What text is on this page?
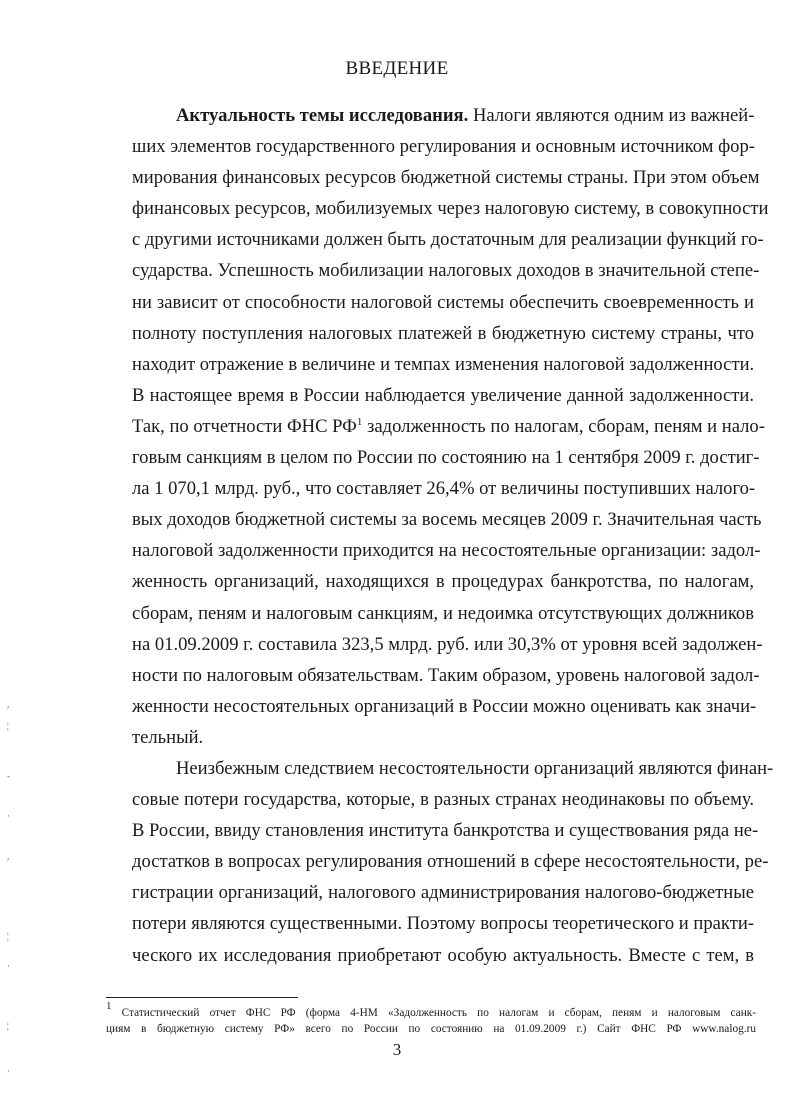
ВВЕДЕНИЕ
Актуальность темы исследования. Налоги являются одним из важней-
ших элементов государственного регулирования и основным источником фор-
мирования финансовых ресурсов бюджетной системы страны. При этом объем
финансовых ресурсов, мобилизуемых через налоговую систему, в совокупности
с другими источниками должен быть достаточным для реализации функций го-
сударства. Успешность мобилизации налоговых доходов в значительной степе-
ни зависит от способности налоговой системы обеспечить своевременность и
полноту поступления налоговых платежей в бюджетную систему страны, что
находит отражение в величине и темпах изменения налоговой задолженности.
В настоящее время в России наблюдается увеличение данной задолженности.
Так, по отчетности ФНС $РФ^1$ задолженность по налогам, сборам, пеням и нало-
говым санкциям в целом по России по состоянию на 1 сентября 2009 г. достиг-
ла 1 070,1 млрд. руб., что составляет 26,4% от величины поступивших налого-
вых доходов бюджетной системы за восемь месяцев 2009 г. Значительная часть
налоговой задолженности приходится на несостоятельные организации: задол-
женность организаций, находящихся в процедурах банкротства, по налогам,
сборам, пеням и налоговым санкциям, и недоимка отсутствующих должников
на 01.09.2009 г. составила 323,5 млрд. руб. или 30,3% от уровня всей задолжен-
ности по налоговым обязательствам. Таким образом, уровень налоговой задол-
женности несостоятельных организаций в России можно оценивать как значи-
тельный.
Неизбежным следствием несостоятельности организаций являются финан-
совые потери государства, которые, в разных странах неодинаковы по объему.
В России, ввиду становления института банкротства и существования ряда не-
достатков в вопросах регулирования отношений в сфере несостоятельности, ре-
гистрации организаций, налогового администрирования налогово-бюджетные
потери являются существенными. Поэтому вопросы теоретического и практи-
ческого их исследования приобретают особую актуальность. Вместе с тем, в
$^1$ Статистический отчет ФНС РФ (форма 4-НМ «Задолженность по налогам и сборам, пеням и налоговым санк-
циям в бюджетную систему РФ» всего по России по состоянию на 01.09.2009 г.) Сайт ФНС РФ www.nalog.ru
3
,
¦
-
·
,
¦
·
¦
·
